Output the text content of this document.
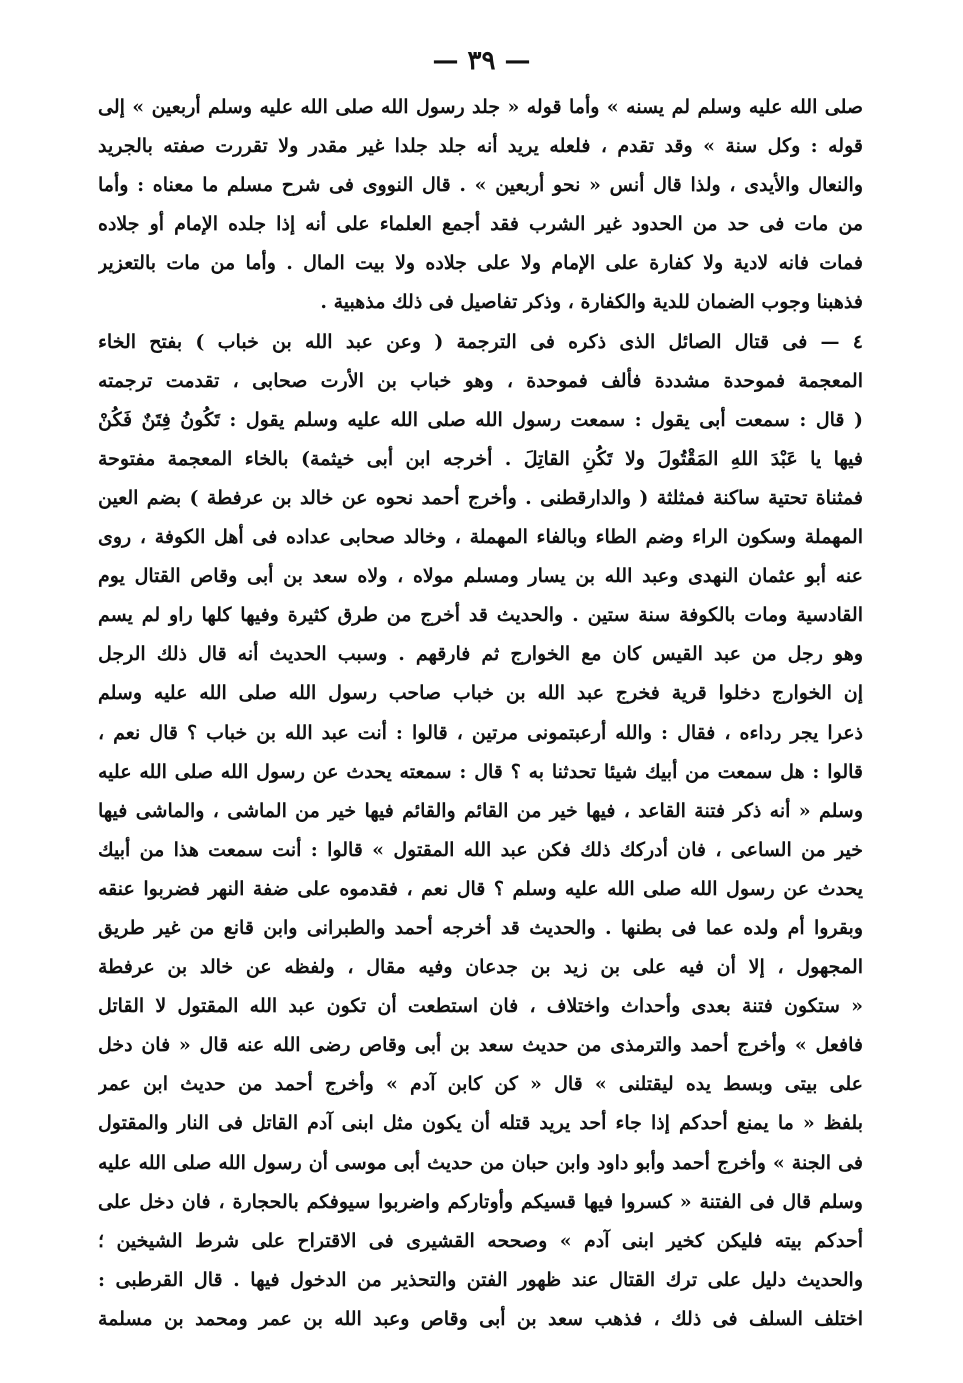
— ٣٩ —
صلى الله عليه وسلم لم يسنه » وأما قوله « جلد رسول الله صلى الله عليه وسلم أربعين » إلى
قوله : وكل سنة » وقد تقدم ، فلعله يريد أنه جلد جلدا غير مقدر ولا تقررت صفته بالجريد
والنعال والأيدى ، ولذا قال أنس « نحو أربعين » . قال النووى فى شرح مسلم ما معناه : وأما
من مات فى حد من الحدود غير الشرب فقد أجمع العلماء على أنه إذا جلده الإمام أو جلاده
فمات فانه لادية ولا كفارة على الإمام ولا على جلاده ولا بيت المال . وأما من مات بالتعزير
فذهبنا وجوب الضمان للدية والكفارة ، وذكر تفاصيل فى ذلك مذهبية .
٤ — فى قتال الصائل الذى ذكره فى الترجمة ( وعن عبد الله بن خباب ) بفتح الخاء
المعجمة فموحدة مشددة فألف فموحدة ، وهو خباب بن الأرت صحابى ، تقدمت ترجمته
( قال : سمعت أبى يقول : سمعت رسول الله صلى الله عليه وسلم يقول : تَكُونُ فِتَنٌ فَكُنْ
فيها يا عَبْدَ اللهِ المَقْتُولَ ولا تَكُنِ القاتِلَ . أخرجه ابن أبى خيثمة) بالخاء المعجمة مفتوحة
فمثناة تحتية ساكنة فمثلثة ( والدارقطنى . وأخرج أحمد نحوه عن خالد بن عرفطة ) بضم العين
المهملة وسكون الراء وضم الطاء وبالفاء المهملة ، وخالد صحابى عداده فى أهل الكوفة ، روى
عنه أبو عثمان النهدى وعبد الله بن يسار ومسلم مولاه ، ولاه سعد بن أبى وقاص القتال يوم
القادسية ومات بالكوفة سنة ستين . والحديث قد أخرج من طرق كثيرة وفيها كلها راو لم يسم
وهو رجل من عبد القيس كان مع الخوارج ثم فارقهم . وسبب الحديث أنه قال ذلك الرجل
إن الخوارج دخلوا قرية فخرج عبد الله بن خباب صاحب رسول الله صلى الله عليه وسلم
ذعرا يجر رداءه ، فقال : والله أرعبتمونى مرتين ، قالوا : أنت عبد الله بن خباب ؟ قال نعم ،
قالوا : هل سمعت من أبيك شيئا تحدثنا به ؟ قال : سمعته يحدث عن رسول الله صلى الله عليه
وسلم « أنه ذكر فتنة القاعد ، فيها خير من القائم والقائم فيها خير من الماشى ، والماشى فيها
خير من الساعى ، فان أدركك ذلك فكن عبد الله المقتول » قالوا : أنت سمعت هذا من أبيك
يحدث عن رسول الله صلى الله عليه وسلم ؟ قال نعم ، فقدموه على ضفة النهر فضربوا عنقه
وبقروا أم ولده عما فى بطنها . والحديث قد أخرجه أحمد والطبرانى وابن قانع من غير طريق
المجهول ، إلا أن فيه على بن زيد بن جدعان وفيه مقال ، ولفظه عن خالد بن عرفطة
« ستكون فتنة بعدى وأحداث واختلاف ، فان استطعت أن تكون عبد الله المقتول لا القاتل
فافعل » وأخرج أحمد والترمذى من حديث سعد بن أبى وقاص رضى الله عنه قال « فان دخل
على بيتى وبسط يده ليقتلنى » قال « كن كابن آدم » وأخرج أحمد من حديث ابن عمر
بلفظ « ما يمنع أحدكم إذا جاء أحد يريد قتله أن يكون مثل ابنى آدم القاتل فى النار والمقتول
فى الجنة » وأخرج أحمد وأبو داود وابن حبان من حديث أبى موسى أن رسول الله صلى الله عليه
وسلم قال فى الفتنة « كسروا فيها قسيكم وأوتاركم واضربوا سيوفكم بالحجارة ، فان دخل على
أحدكم بيته فليكن كخير ابنى آدم » وصححه القشيرى فى الاقتراح على شرط الشيخين ؛
والحديث دليل على ترك القتال عند ظهور الفتن والتحذير من الدخول فيها . قال القرطبى :
اختلف السلف فى ذلك ، فذهب سعد بن أبى وقاص وعبد الله بن عمر ومحمد بن مسلمة
